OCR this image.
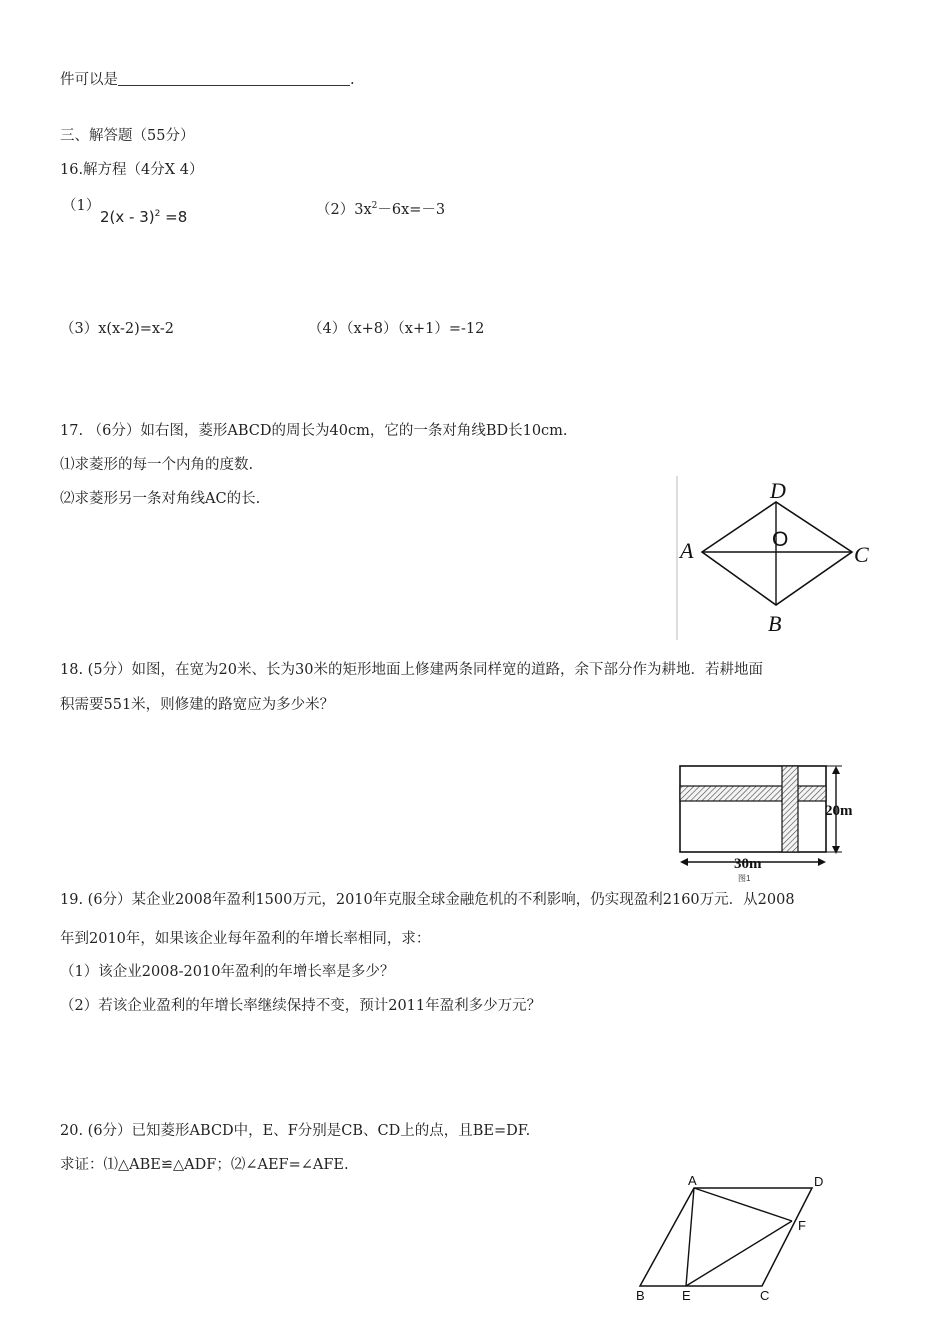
件可以是	.
三、解答题（55分）
16.解方程（4分X 4）
（1）
2(x - 3)$^2$ =8	$(2)3x^2-6x=-3$
（3）x(x-2)=x-2	（4）（x+8）（x+1）=-12
17. （6分）如右图，菱形ABCD的周长为40cm，它的一条对角线BD长10cm.
⑴求菱形的每一个内角的度数.
⑵求菱形另一条对角线AC的长.
A
D
C
B
O
18. (5分）如图，在宽为20米、长为30米的矩形地面上修建两条同样宽的道路，余下部分作为耕地．若耕地面
积需要551米，则修建的路宽应为多少米？
20m
30m
图1
19. (6分）某企业2008年盈利1500万元，2010年克服全球金融危机的不利影响，仍实现盈利2160万元．从2008
年到2010年，如果该企业每年盈利的年增长率相同，求：
（1）该企业2008-2010年盈利的年增长率是多少？
（2）若该企业盈利的年增长率继续保持不变，预计2011年盈利多少万元？
20. (6分）已知菱形ABCD中，E、F分别是CB、CD上的点，且BE=DF.
求证：⑴△ABE≌△ADF；⑵∠AEF=∠AFE.
A	D
F
B	E	C
